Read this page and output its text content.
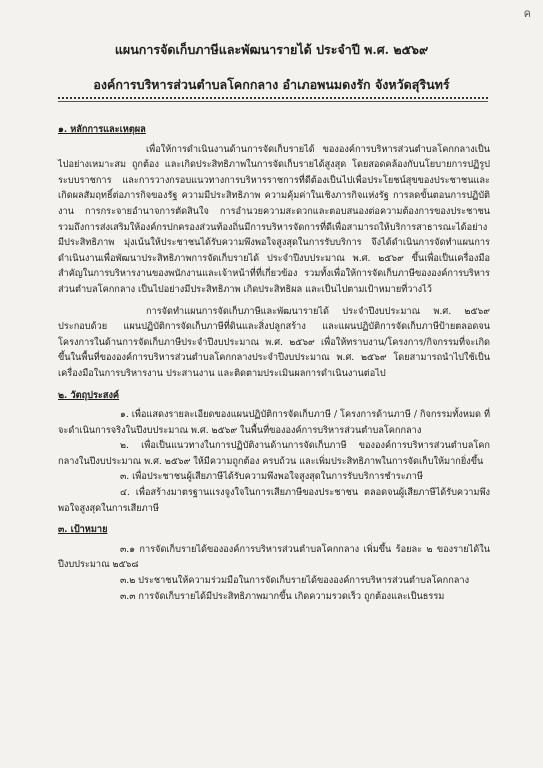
ค
แผนการจัดเก็บภาษีและพัฒนารายได้ ประจำปี พ.ศ. ๒๕๖๙
องค์การบริหารส่วนตำบลโคกกลาง อำเภอพนมดงรัก จังหวัดสุรินทร์

๑. หลักการและเหตุผล

เพื่อให้การดำเนินงานด้านการจัดเก็บรายได้ ขององค์การบริหารส่วนตำบลโคกกลางเป็นไปอย่างเหมาะสม ถูกต้อง และเกิดประสิทธิภาพในการจัดเก็บรายได้สูงสุด โดยสอดคล้องกับนโยบายการปฏิรูประบบราชการ และการวางกรอบแนวทางการบริหารราชการที่ดีต้องเป็นไปเพื่อประโยชน์สุขของประชาชนและเกิดผลสัมฤทธิ์ต่อภารกิจของรัฐ ความมีประสิทธิภาพ ความคุ้มค่าในเชิงภารกิจแห่งรัฐ การลดขั้นตอนการปฏิบัติงาน การกระจายอำนาจการตัดสินใจ การอำนวยความสะดวกและตอบสนองต่อความต้องการของประชาชน รวมถึงการส่งเสริมให้องค์กรปกครองส่วนท้องถิ่นมีการบริหารจัดการที่ดีเพื่อสามารถให้บริการสาธารณะได้อย่างมีประสิทธิภาพ มุ่งเน้นให้ประชาชนได้รับความพึงพอใจสูงสุดในการรับบริการ จึงได้ดำเนินการจัดทำแผนการดำเนินงานเพื่อพัฒนาประสิทธิภาพการจัดเก็บรายได้ ประจำปีงบประมาณ พ.ศ. ๒๕๖๙ ขึ้นเพื่อเป็นเครื่องมือสำคัญในการบริหารงานของพนักงานและเจ้าหน้าที่ที่เกี่ยวข้อง รวมทั้งเพื่อให้การจัดเก็บภาษีขององค์การบริหารส่วนตำบลโคกกลาง เป็นไปอย่างมีประสิทธิภาพ เกิดประสิทธิผล และเป็นไปตามเป้าหมายที่วางไว้

การจัดทำแผนการจัดเก็บภาษีและพัฒนารายได้ ประจำปีงบประมาณ พ.ศ. ๒๕๖๙ ประกอบด้วย แผนปฏิบัติการจัดเก็บภาษีที่ดินและสิ่งปลูกสร้าง และแผนปฏิบัติการจัดเก็บภาษีป้ายตลอดจนโครงการในด้านการจัดเก็บภาษีประจำปีงบประมาณ พ.ศ. ๒๕๖๙ เพื่อให้ทราบงาน/โครงการ/กิจกรรมที่จะเกิดขึ้นในพื้นที่ขององค์การบริหารส่วนตำบลโคกกลางประจำปีงบประมาณ พ.ศ. ๒๕๖๙ โดยสามารถนำไปใช้เป็นเครื่องมือในการบริหารงาน ประสานงาน และติดตามประเมินผลการดำเนินงานต่อไป

๒. วัตถุประสงค์

๑. เพื่อแสดงรายละเอียดของแผนปฏิบัติการจัดเก็บภาษี / โครงการด้านภาษี / กิจกรรมทั้งหมด ที่จะดำเนินการจริงในปีงบประมาณ พ.ศ. ๒๕๖๙ ในพื้นที่ขององค์การบริหารส่วนตำบลโคกกลาง

๒. เพื่อเป็นแนวทางในการปฏิบัติงานด้านการจัดเก็บภาษี ขององค์การบริหารส่วนตำบลโคกกลางในปีงบประมาณ พ.ศ. ๒๕๖๙ ให้มีความถูกต้อง ครบถ้วน และเพิ่มประสิทธิภาพในการจัดเก็บให้มากยิ่งขึ้น

๓. เพื่อประชาชนผู้เสียภาษีได้รับความพึงพอใจสูงสุดในการรับบริการชำระภาษี

๔. เพื่อสร้างมาตรฐานแรงจูงใจในการเสียภาษีของประชาชน ตลอดจนผู้เสียภาษีได้รับความพึงพอใจสูงสุดในการเสียภาษี

๓. เป้าหมาย

๓.๑ การจัดเก็บรายได้ขององค์การบริหารส่วนตำบลโคกกลาง เพิ่มขึ้น ร้อยละ ๒ ของรายได้ในปีงบประมาณ ๒๕๖๘

๓.๒ ประชาชนให้ความร่วมมือในการจัดเก็บรายได้ขององค์การบริหารส่วนตำบลโคกกลาง

๓.๓ การจัดเก็บรายได้มีประสิทธิภาพมากขึ้น เกิดความรวดเร็ว ถูกต้องและเป็นธรรม
